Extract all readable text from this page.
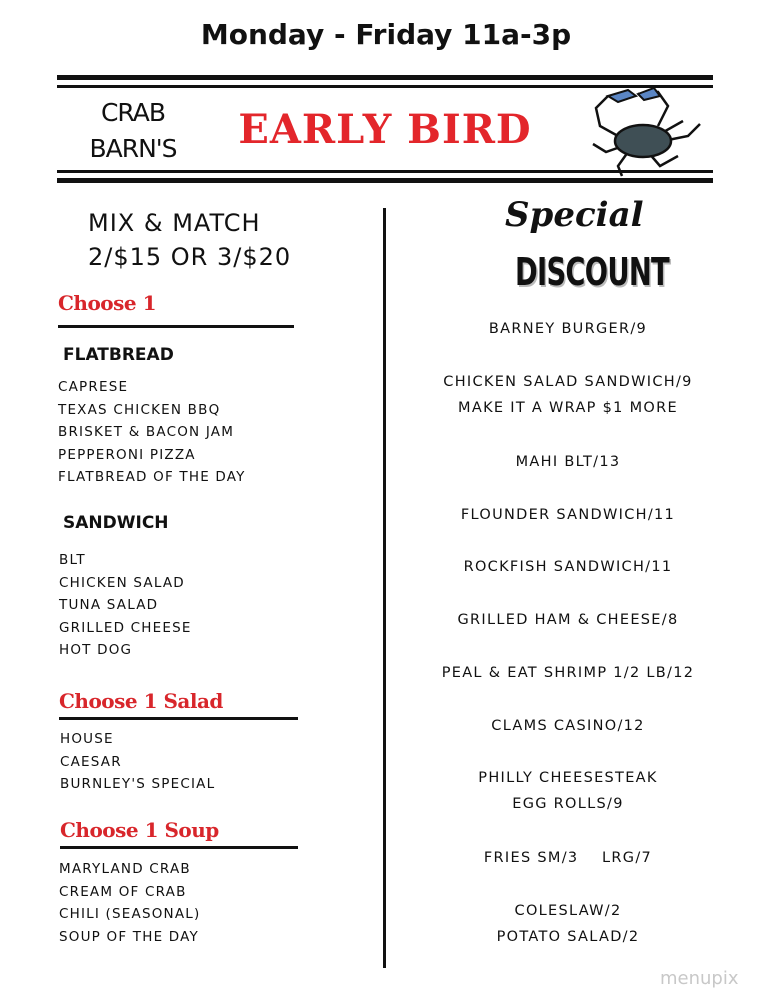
Monday - Friday 11a-3p
CRAB
BARN'S	EARLY BIRD
MIX & MATCH
2/$15 OR 3/$20
Choose 1
FLATBREAD
CAPRESE
TEXAS CHICKEN BBQ
BRISKET & BACON JAM
PEPPERONI PIZZA
FLATBREAD OF THE DAY
SANDWICH
BLT
CHICKEN SALAD
TUNA SALAD
GRILLED CHEESE
HOT DOG
Choose 1 Salad
HOUSE
CAESAR
BURNLEY'S SPECIAL
Choose 1 Soup
MARYLAND CRAB
CREAM OF CRAB
CHILI (SEASONAL)
SOUP OF THE DAY
Special
DISCOUNT
BARNEY BURGER/9
CHICKEN SALAD SANDWICH/9
MAKE IT A WRAP $1 MORE
MAHI BLT/13
FLOUNDER SANDWICH/11
ROCKFISH SANDWICH/11
GRILLED HAM & CHEESE/8
PEAL & EAT SHRIMP 1/2 LB/12
CLAMS CASINO/12
PHILLY CHEESESTEAK
EGG ROLLS/9
FRIES SM/3    LRG/7
COLESLAW/2
POTATO SALAD/2
menupix
